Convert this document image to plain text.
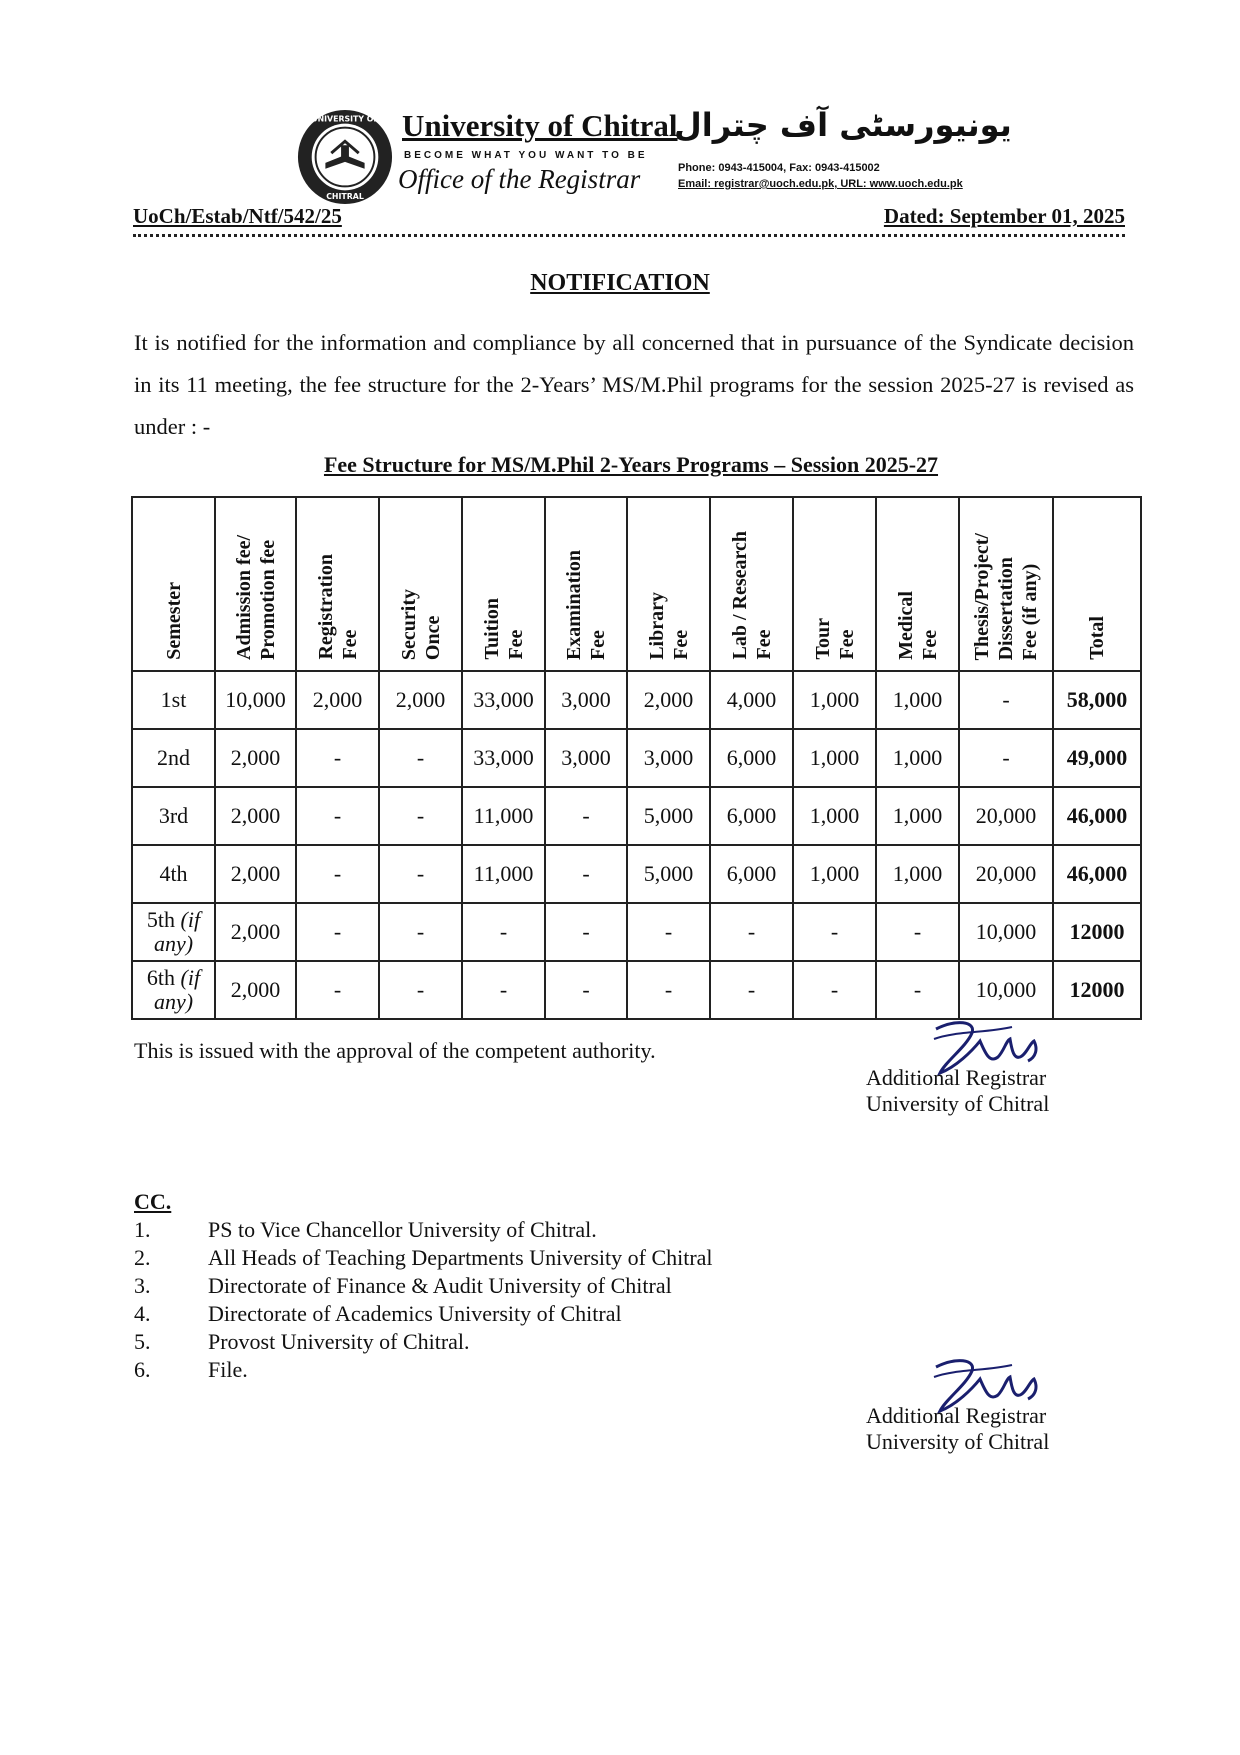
UNIVERSITY OF
CHITRAL
University of Chitral
BECOME WHAT YOU WANT TO BE
Office of the Registrar
یونیورسٹی آف چترال
Phone: 0943-415004, Fax: 0943-415002
Email: registrar@uoch.edu.pk, URL: www.uoch.edu.pk
UoCh/Estab/Ntf/542/25	Dated: September 01, 2025
NOTIFICATION
It is notified for the information and compliance by all concerned that in pursuance of the Syndicate decision in its 11 meeting, the fee structure for the 2-Years’ MS/M.Phil programs for the session 2025-27 is revised as under : -
Fee Structure for MS/M.Phil 2-Years Programs – Session 2025-27
Semester	Admission fee/ Promotion fee	Registration Fee	Security Once	Tuition Fee	Examination Fee	Library Fee	Lab / Research Fee	Tour Fee	Medical Fee	Thesis/Project/ Dissertation Fee (if any)	Total
1st	10,000	2,000	2,000	33,000	3,000	2,000	4,000	1,000	1,000	-	58,000
2nd	2,000	-	-	33,000	3,000	3,000	6,000	1,000	1,000	-	49,000
3rd	2,000	-	-	11,000	-	5,000	6,000	1,000	1,000	20,000	46,000
4th	2,000	-	-	11,000	-	5,000	6,000	1,000	1,000	20,000	46,000
5th (if any)	2,000	-	-	-	-	-	-	-	-	10,000	12000
6th (if any)	2,000	-	-	-	-	-	-	-	-	10,000	12000
This is issued with the approval of the competent authority.
Additional Registrar
University of Chitral
CC.
1.	PS to Vice Chancellor University of Chitral.
2.	All Heads of Teaching Departments University of Chitral
3.	Directorate of Finance & Audit University of Chitral
4.	Directorate of Academics University of Chitral
5.	Provost University of Chitral.
6.	File.
Additional Registrar
University of Chitral
